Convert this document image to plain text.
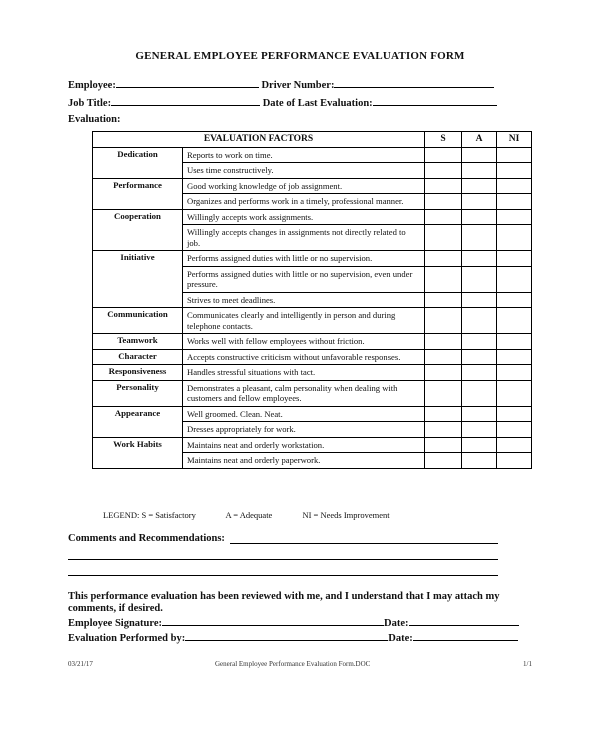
GENERAL EMPLOYEE PERFORMANCE EVALUATION FORM
Employee:	Driver Number:
Job Title:	Date of Last Evaluation:
Evaluation:
EVALUATION FACTORS		S	A	NI
Dedication	Reports to work on time.			
	Uses time constructively.			
Performance	Good working knowledge of job assignment.			
	Organizes and performs work in a timely, professional manner.			
Cooperation	Willingly accepts work assignments.			
	Willingly accepts changes in assignments not directly related to job.			
Initiative	Performs assigned duties with little or no supervision.			
	Performs assigned duties with little or no supervision, even under pressure.			
	Strives to meet deadlines.			
Communication	Communicates clearly and intelligently in person and during telephone contacts.			
Teamwork	Works well with fellow employees without friction.			
Character	Accepts constructive criticism without unfavorable responses.			
Responsiveness	Handles stressful situations with tact.			
Personality	Demonstrates a pleasant, calm personality when dealing with customers and fellow employees.			
Appearance	Well groomed. Clean. Neat.			
	Dresses appropriately for work.			
Work Habits	Maintains neat and orderly workstation.			
	Maintains neat and orderly paperwork.			
LEGEND: S = Satisfactory	A = Adequate	NI = Needs Improvement
Comments and Recommendations:
This performance evaluation has been reviewed with me, and I understand that I may attach my comments, if desired.
Employee Signature:	Date:
Evaluation Performed by:	Date:
03/21/17	General Employee Performance Evaluation Form.DOC	1/1
